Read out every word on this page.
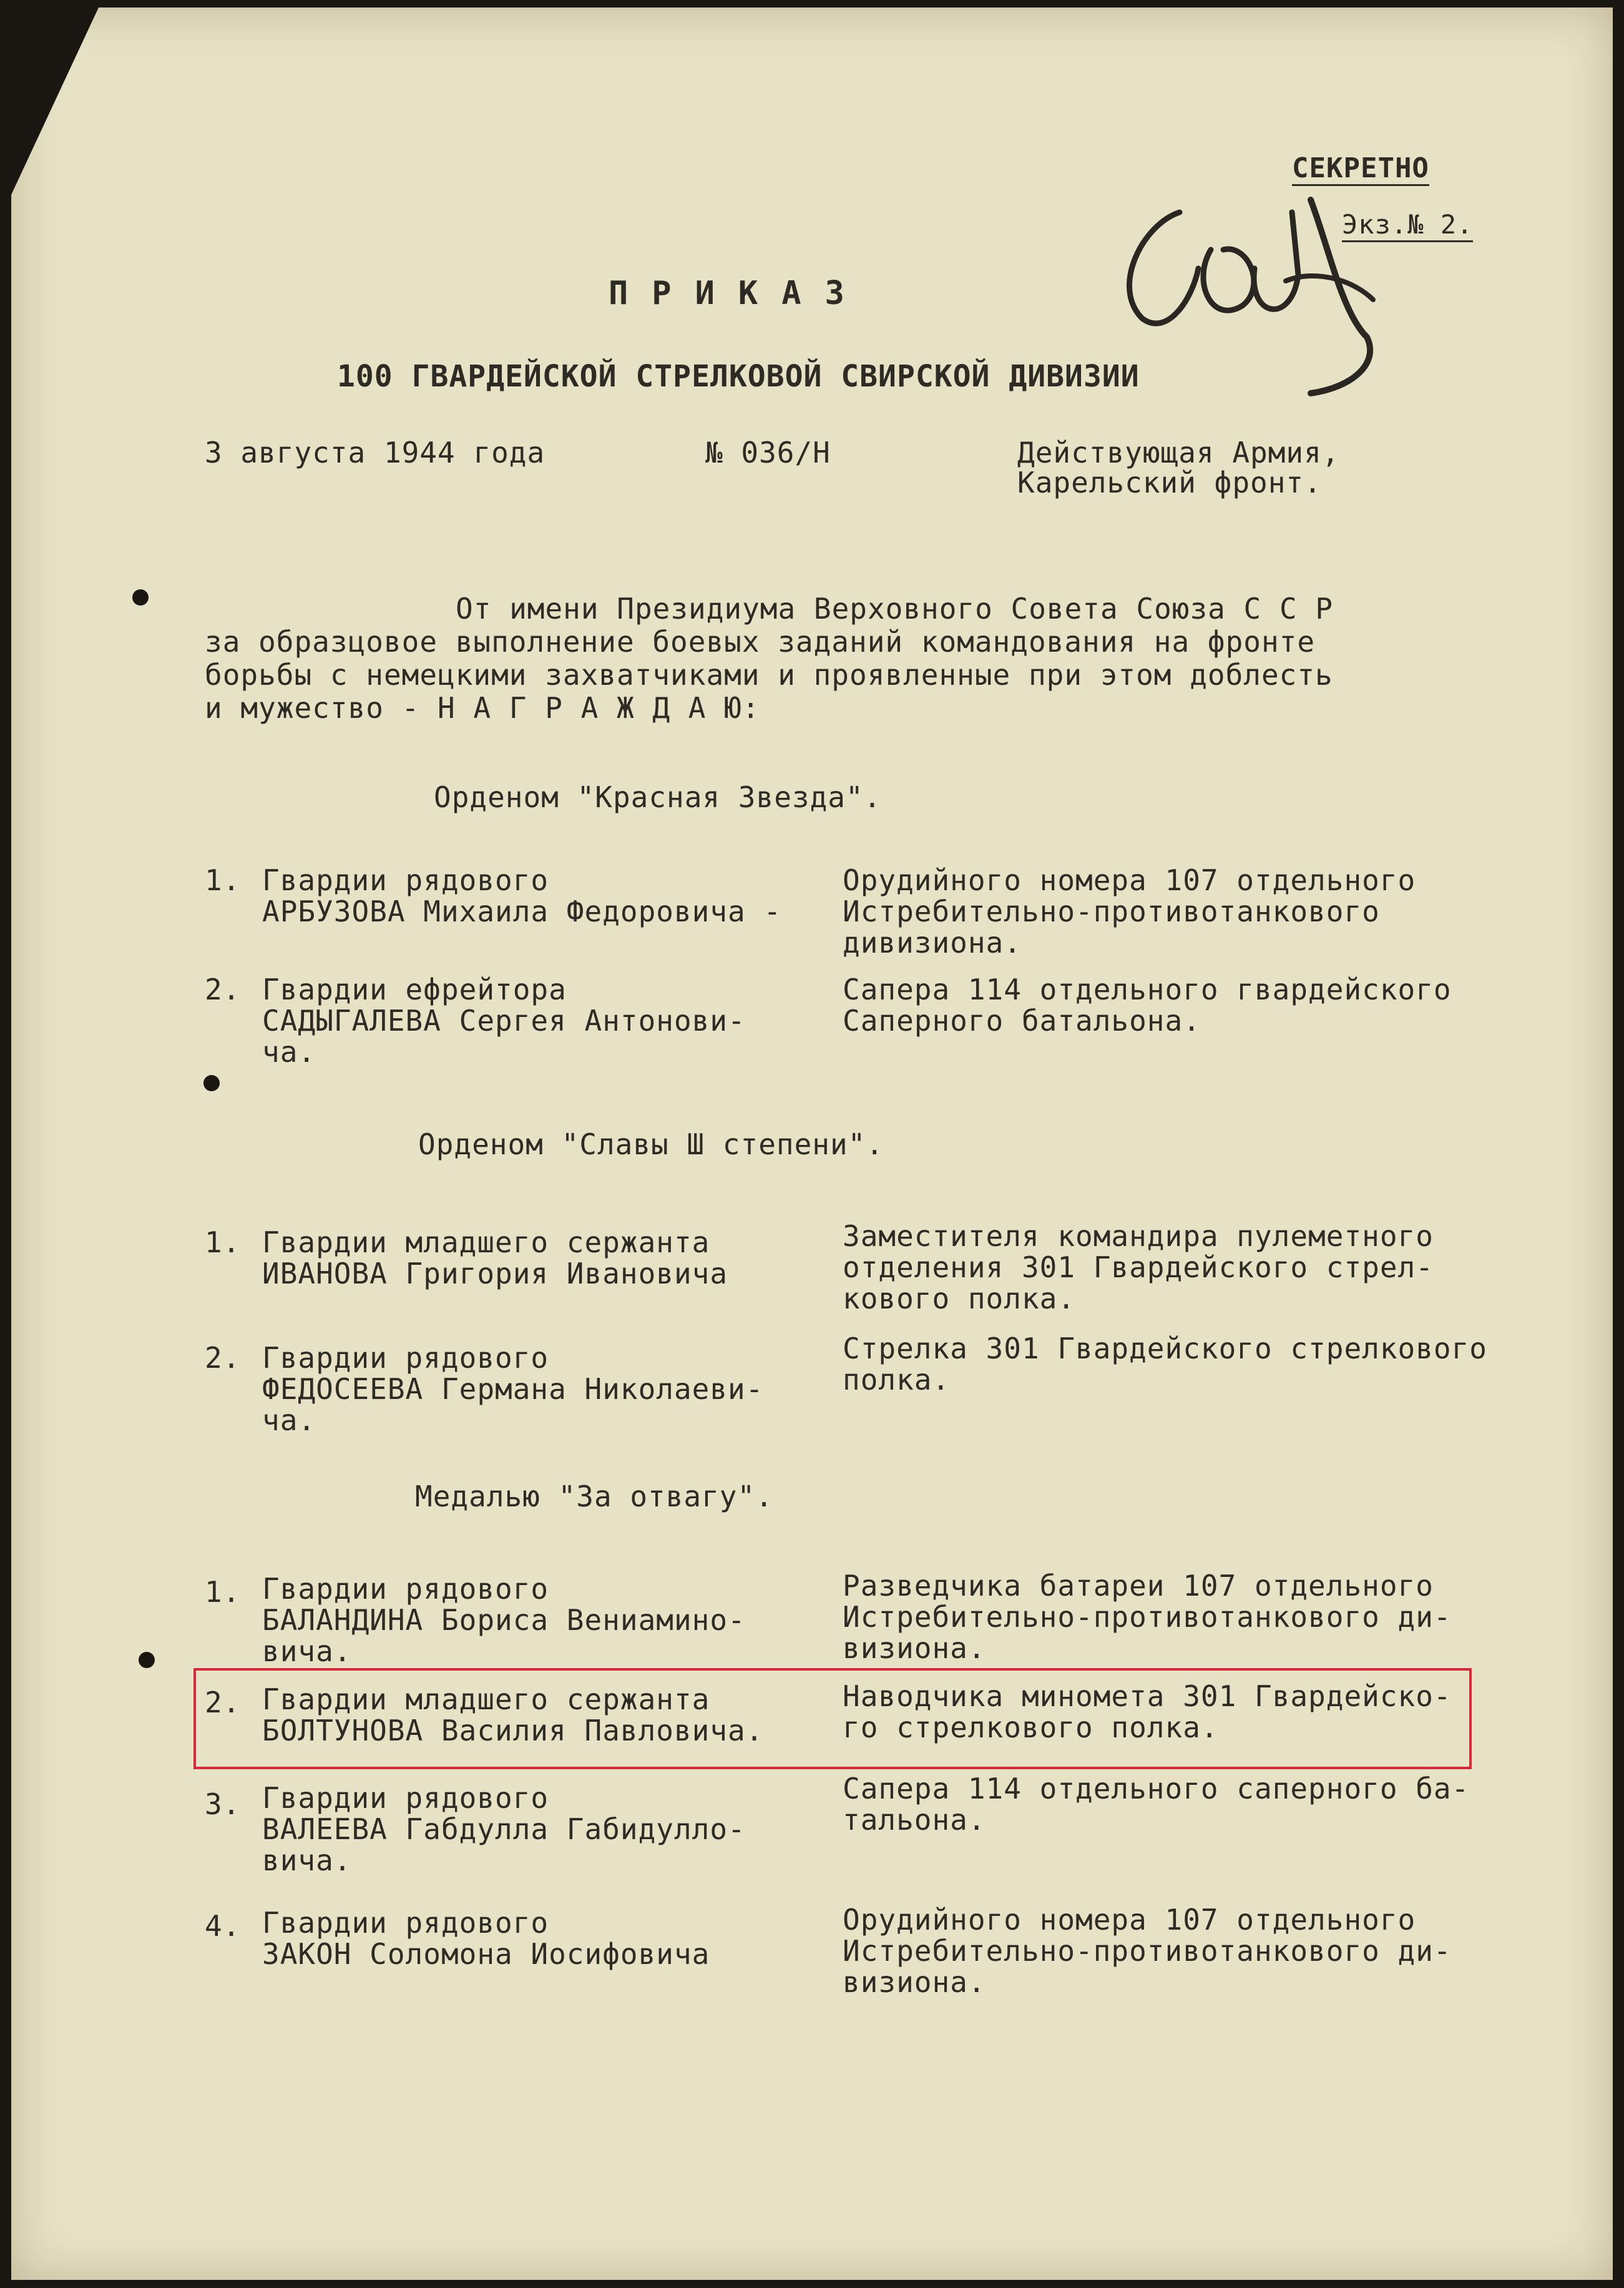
СЕКРЕТНО
Экз.№ 2.
ПРИКАЗ
100 ГВАРДЕЙСКОЙ СТРЕЛКОВОЙ СВИРСКОЙ ДИВИЗИИ
3 августа 1944 года	№ 036/Н	Действующая Армия,
Карельский фронт.
От имени Президиума Верховного Совета Союза С С Р
за образцовое выполнение боевых заданий командования на фронте
борьбы с немецкими захватчиками и проявленные при этом доблесть
и мужество - Н А Г Р А Ж Д А Ю:
Орденом "Красная Звезда".
1. Гвардии рядового
АРБУЗОВА Михаила Федоровича -
Орудийного номера 107 отдельного
Истребительно-противотанкового
дивизиона.
2. Гвардии ефрейтора
САДЫГАЛЕВА Сергея Антонови-
ча.
Сапера 114 отдельного гвардейского
Саперного батальона.
Орденом "Славы Ш степени".
1. Гвардии младшего сержанта
ИВАНОВА Григория Ивановича
Заместителя командира пулеметного
отделения 301 Гвардейского стрел-
кового полка.
2. Гвардии рядового
ФЕДОСЕЕВА Германа Николаеви-
ча.
Стрелка 301 Гвардейского стрелкового
полка.
Медалью "За отвагу".
1. Гвардии рядового
БАЛАНДИНА Бориса Вениамино-
вича.
Разведчика батареи 107 отдельного
Истребительно-противотанкового ди-
визиона.
2. Гвардии младшего сержанта
БОЛТУНОВА Василия Павловича.
Наводчика миномета 301 Гвардейско-
го стрелкового полка.
3. Гвардии рядового
ВАЛЕЕВА Габдулла Габидулло-
вича.
Сапера 114 отдельного саперного ба-
тальона.
4. Гвардии рядового
ЗАКОН Соломона Иосифовича
Орудийного номера 107 отдельного
Истребительно-противотанкового ди-
визиона.
